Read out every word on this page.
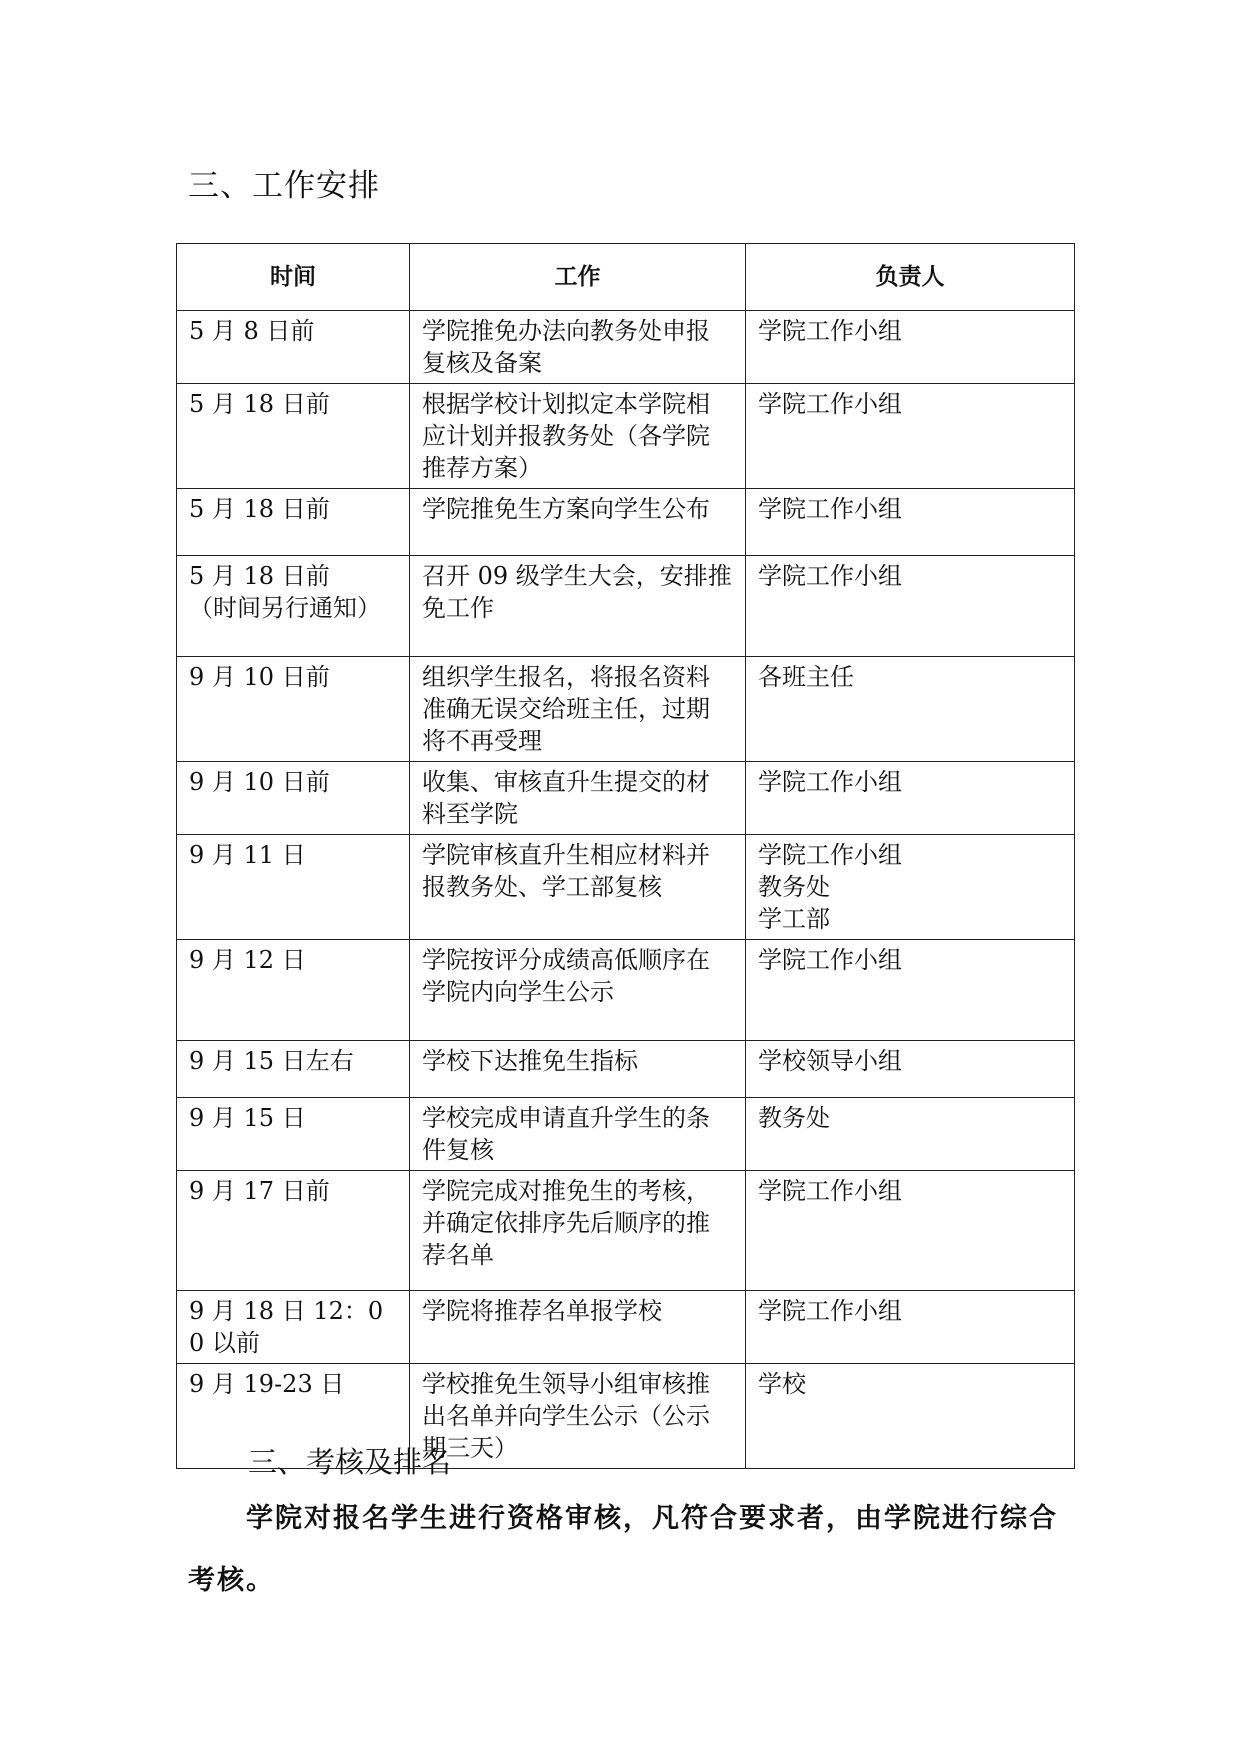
三、工作安排
时间	工作	负责人

5 月 8 日前	学院推免办法向教务处申报复核及备案	学院工作小组

5 月 18 日前	根据学校计划拟定本学院相应计划并报教务处（各学院推荐方案）	学院工作小组

5 月 18 日前	学院推免生方案向学生公布	学院工作小组

5 月 18 日前
（时间另行通知）	召开 09 级学生大会，安排推免工作	学院工作小组

9 月 10 日前	组织学生报名，将报名资料准确无误交给班主任，过期将不再受理	各班主任

9 月 10 日前	收集、审核直升生提交的材料至学院	学院工作小组

9 月 11 日	学院审核直升生相应材料并报教务处、学工部复核	学院工作小组
教务处
学工部

9 月 12 日	学院按评分成绩高低顺序在学院内向学生公示	学院工作小组

9 月 15 日左右	学校下达推免生指标	学校领导小组

9 月 15 日	学校完成申请直升学生的条件复核	教务处

9 月 17 日前	学院完成对推免生的考核，并确定依排序先后顺序的推荐名单	学院工作小组

9 月 18 日 12：00 以前	学院将推荐名单报学校	学院工作小组

9 月 19-23 日	学校推免生领导小组审核推出名单并向学生公示（公示期三天）	学校
三、考核及排名

学院对报名学生进行资格审核，凡符合要求者，由学院进行综合考核。
